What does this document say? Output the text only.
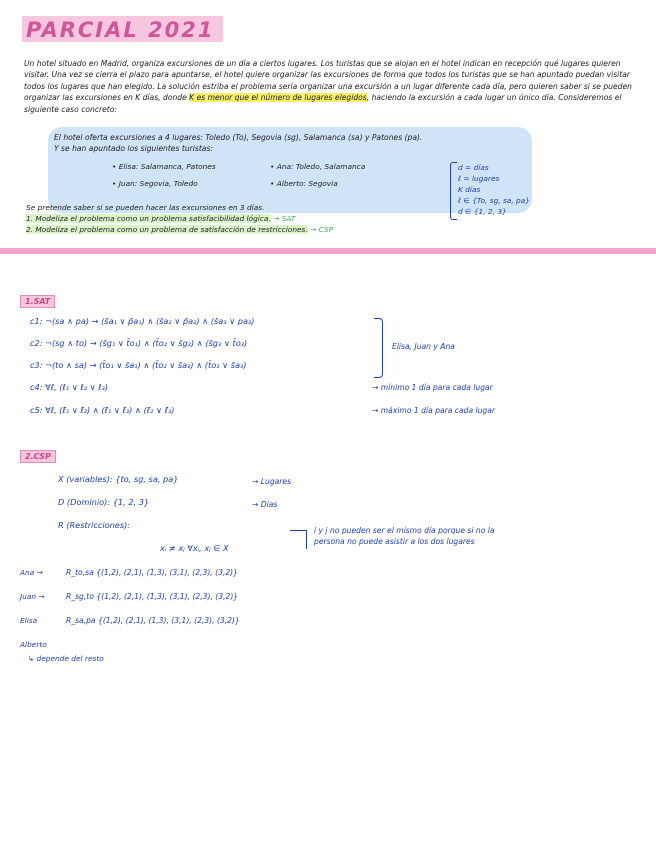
PARCIAL 2021
Un hotel situado en Madrid, organiza excursiones de un día a ciertos lugares. Los turistas que se alojan en el hotel indican en recepción qué lugares quieren visitar. Una vez se cierra el plazo para apuntarse, el hotel quiere organizar las excursiones de forma que todos los turistas que se han apuntado puedan visitar todos los lugares que han elegido. La solución estriba el problema sería organizar una excursión a un lugar diferente cada día, pero quieren saber si se pueden organizar las excursiones en K días, donde K es menor que el número de lugares elegidos, haciendo la excursión a cada lugar un único día. Consideremos el siguiente caso concreto:
El hotel oferta excursiones a 4 lugares: Toledo (To), Segovia (sg), Salamanca (sa) y Patones (pa).
Y se han apuntado los siguientes turistas:
• Elisa: Salamanca, Patones
• Juan: Segovia, Toledo
• Ana: Toledo, Salamanca
• Alberto: Segovia
d = días
ℓ = lugares
K días
ℓ ∈ {To, sg, sa, pa}
d ∈ {1, 2, 3}
Se pretende saber si se pueden hacer las excursiones en 3 días.
1. Modeliza el problema como un problema satisfacibilidad lógica. → SAT
2. Modeliza el problema como un problema de satisfacción de restricciones. → CSP
1.SAT
c1: ¬(sa ∧ pa) → (s̄a₁ ∨ p̄a₁) ∧ (s̄a₂ ∨ p̄a₂) ∧ (s̄a₃ ∨ pa₃)
c2: ¬(sg ∧ to) → (s̄g₁ ∨ t̄o₁) ∧ (t̄o₂ ∨ s̄g₂) ∧ (s̄g₃ ∨ t̄o₃)
c3: ¬(to ∧ sa) → (t̄o₁ ∨ s̄a₁) ∧ (t̄o₂ ∨ s̄a₂) ∧ (t̄o₃ ∨ s̄a₃)
c4: ∀ℓ, (ℓ₁ ∨ ℓ₂ ∨ ℓ₃)
c5: ∀ℓ, (ℓ̄₁ ∨ ℓ̄₂) ∧ (ℓ̄₁ ∨ ℓ̄₃) ∧ (ℓ̄₂ ∨ ℓ̄₃)
Elisa, Juan y Ana
→ mínimo 1 día para cada lugar
→ máximo 1 día para cada lugar
2.CSP
X (variables): {to, sg, sa, pa}	→ Lugares
D (Dominio): {1, 2, 3}	→ Días
R (Restricciones):
xᵢ ≠ xⱼ ∀xᵢ, xⱼ ∈ X
i y j no pueden ser el mismo día porque si no la persona no puede asistir a los dos lugares
Ana →	R_to,sa {(1,2), (2,1), (1,3), (3,1), (2,3), (3,2)}
Juan →	R_sg,to {(1,2), (2,1), (1,3), (3,1), (2,3), (3,2)}
Elisa	R_sa,pa {(1,2), (2,1), (1,3), (3,1), (2,3), (3,2)}
Alberto
↳ depende del resto
